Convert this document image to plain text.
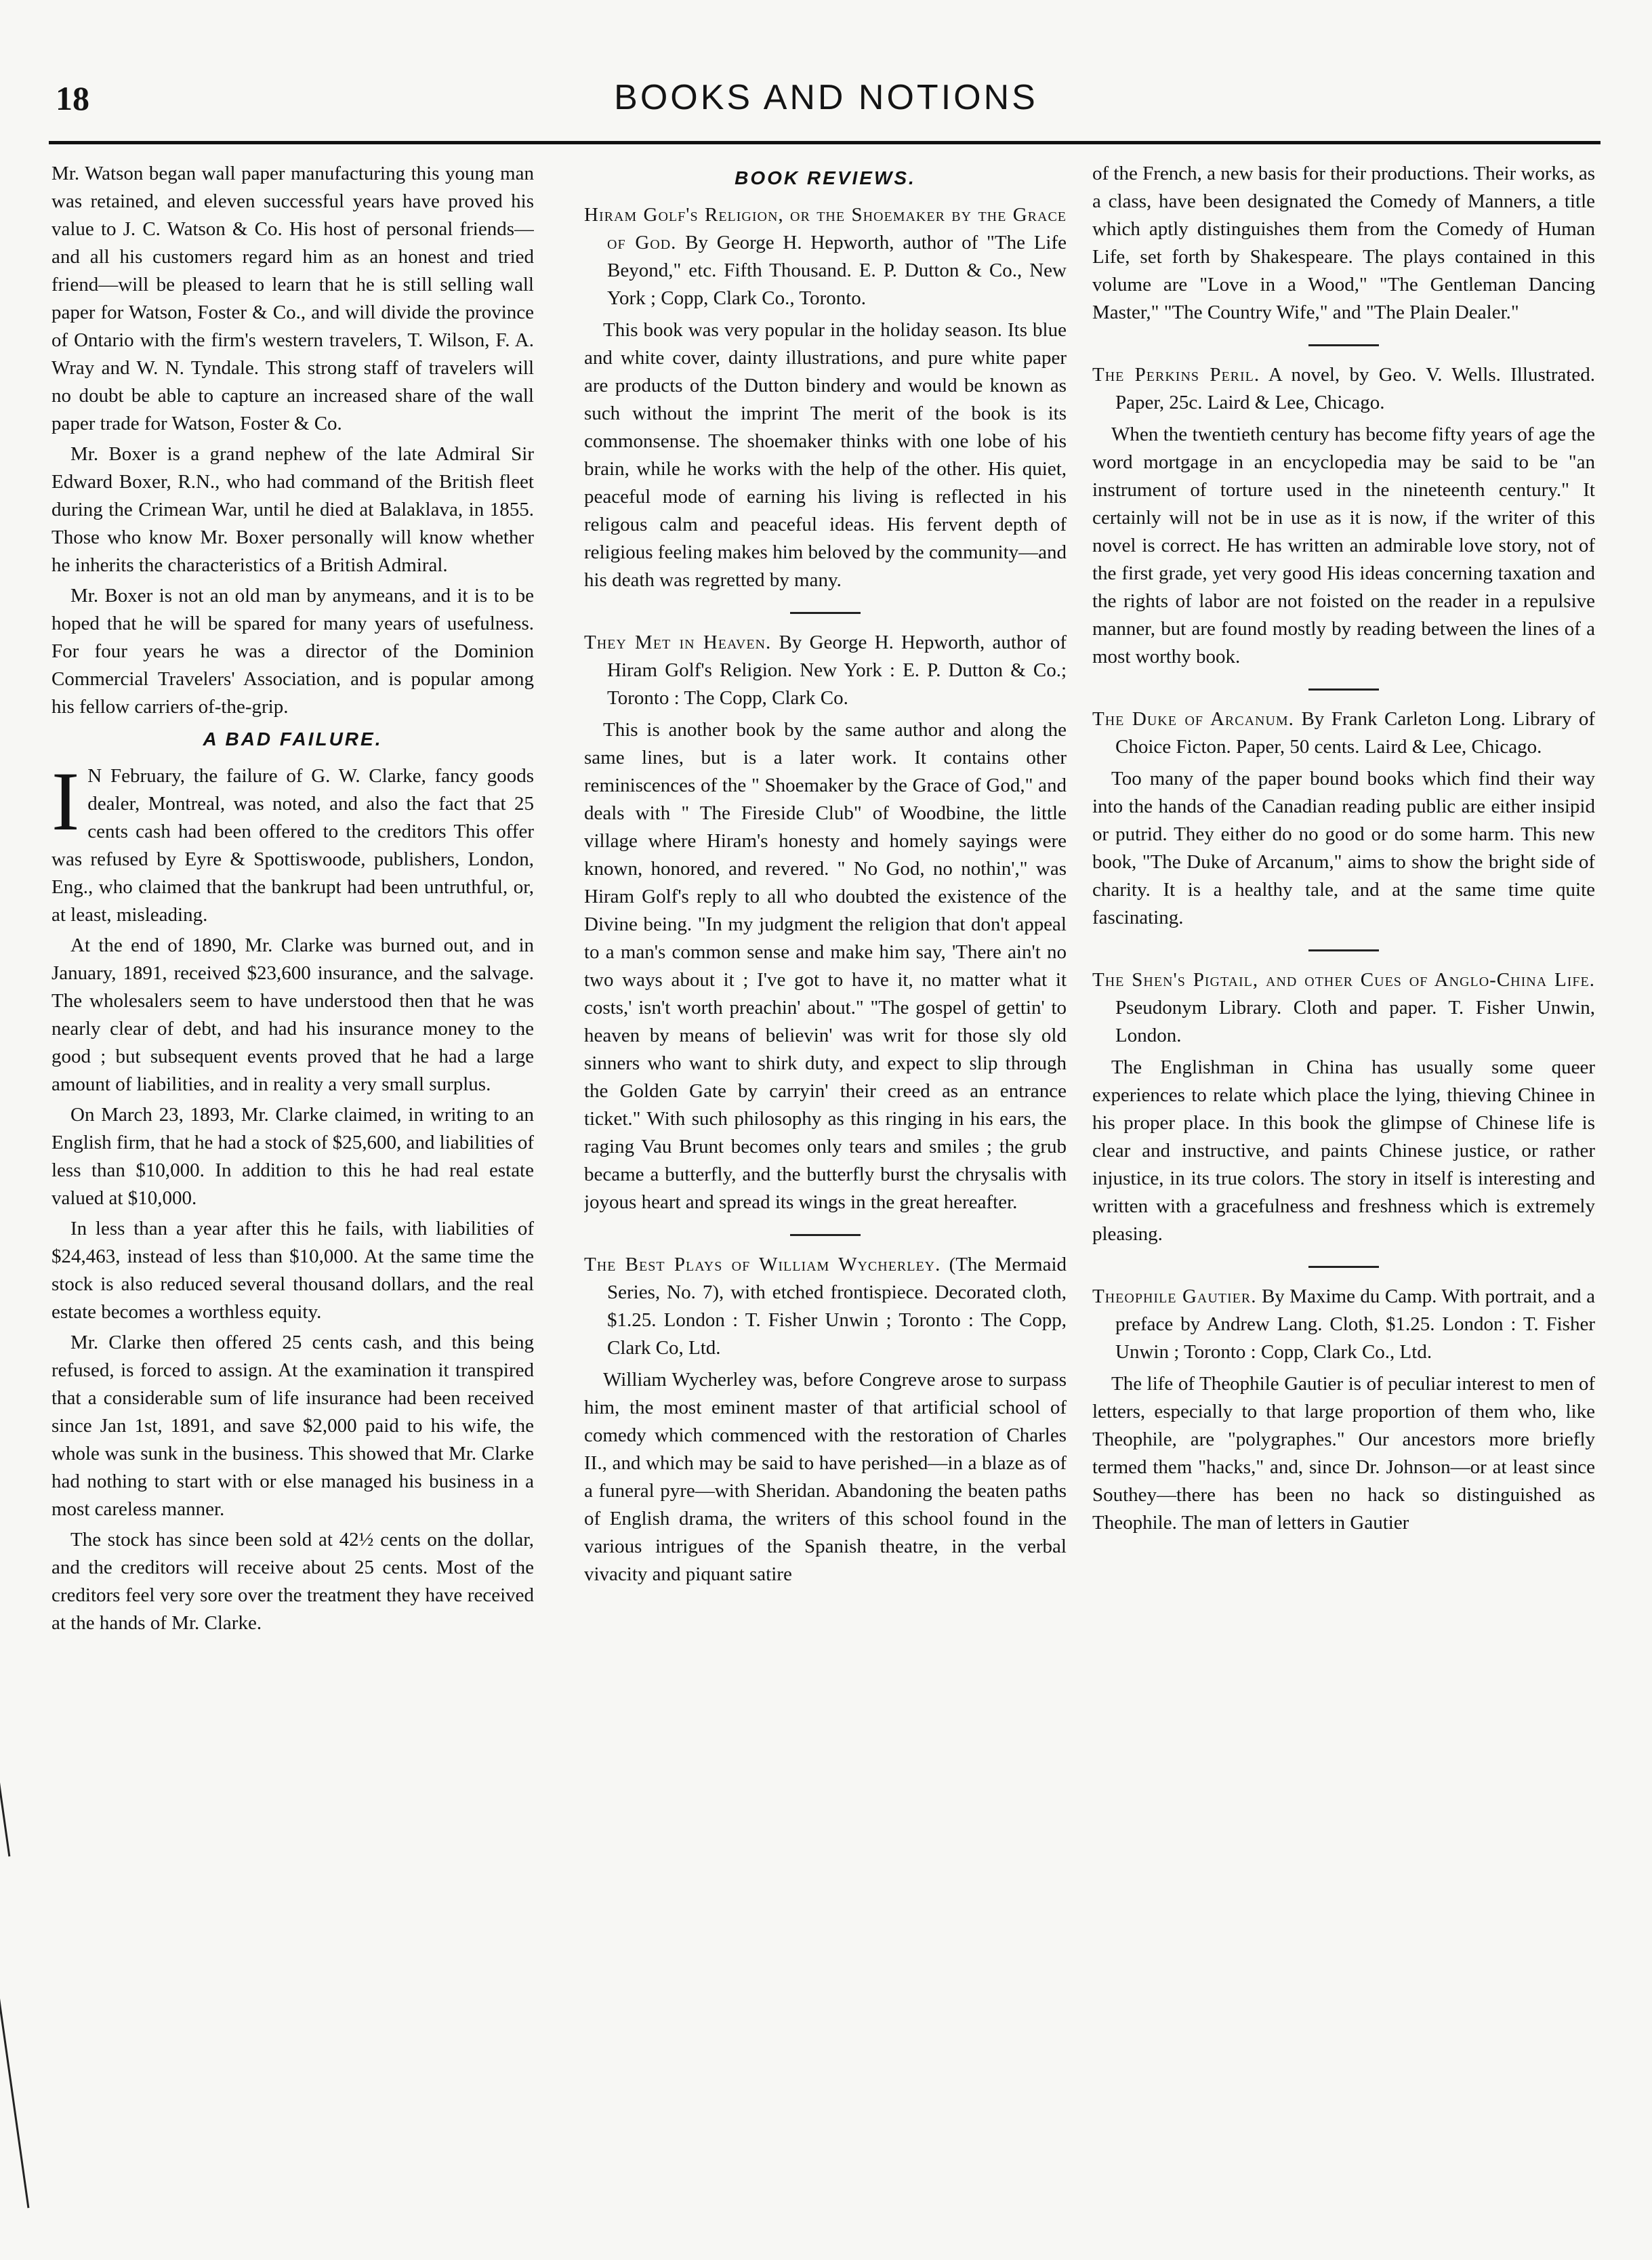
18	BOOKS AND NOTIONS

Mr. Watson began wall paper manufacturing this young man was retained, and eleven successful years have proved his value to J. C. Watson & Co. His host of personal friends—and all his customers regard him as an honest and tried friend—will be pleased to learn that he is still selling wall paper for Watson, Foster & Co., and will divide the province of Ontario with the firm's western travelers, T. Wilson, F. A. Wray and W. N. Tyndale. This strong staff of travelers will no doubt be able to capture an increased share of the wall paper trade for Watson, Foster & Co.

Mr. Boxer is a grand nephew of the late Admiral Sir Edward Boxer, R.N., who had command of the British fleet during the Crimean War, until he died at Balaklava, in 1855. Those who know Mr. Boxer personally will know whether he inherits the characteristics of a British Admiral.

Mr. Boxer is not an old man by anymeans, and it is to be hoped that he will be spared for many years of usefulness. For four years he was a director of the Dominion Commercial Travelers' Association, and is popular among his fellow carriers of-the-grip.

A BAD FAILURE.

I N February, the failure of G. W. Clarke, fancy goods dealer, Montreal, was noted, and also the fact that 25 cents cash had been offered to the creditors This offer was refused by Eyre & Spottiswoode, publishers, London, Eng., who claimed that the bankrupt had been untruthful, or, at least, misleading.

At the end of 1890, Mr. Clarke was burned out, and in January, 1891, received $23,600 insurance, and the salvage. The wholesalers seem to have understood then that he was nearly clear of debt, and had his insurance money to the good ; but subsequent events proved that he had a large amount of liabilities, and in reality a very small surplus.

On March 23, 1893, Mr. Clarke claimed, in writing to an English firm, that he had a stock of $25,600, and liabilities of less than $10,000. In addition to this he had real estate valued at $10,000.

In less than a year after this he fails, with liabilities of $24,463, instead of less than $10,000. At the same time the stock is also reduced several thousand dollars, and the real estate becomes a worthless equity.

Mr. Clarke then offered 25 cents cash, and this being refused, is forced to assign. At the examination it transpired that a considerable sum of life insurance had been received since Jan 1st, 1891, and save $2,000 paid to his wife, the whole was sunk in the business. This showed that Mr. Clarke had nothing to start with or else managed his business in a most careless manner.

The stock has since been sold at 42½ cents on the dollar, and the creditors will receive about 25 cents. Most of the creditors feel very sore over the treatment they have received at the hands of Mr. Clarke.

BOOK REVIEWS.
Hiram Golf's Religion, or the Shoemaker by the Grace of God. By George H. Hepworth, author of "The Life Beyond," etc. Fifth Thousand. E. P. Dutton & Co., New York ; Copp, Clark Co., Toronto.

This book was very popular in the holiday season. Its blue and white cover, dainty illustrations, and pure white paper are products of the Dutton bindery and would be known as such without the imprint The merit of the book is its commonsense. The shoemaker thinks with one lobe of his brain, while he works with the help of the other. His quiet, peaceful mode of earning his living is reflected in his religous calm and peaceful ideas. His fervent depth of religious feeling makes him beloved by the community—and his death was regretted by many.

They Met in Heaven. By George H. Hepworth, author of Hiram Golf's Religion. New York : E. P. Dutton & Co.; Toronto : The Copp, Clark Co.

This is another book by the same author and along the same lines, but is a later work. It contains other reminiscences of the " Shoemaker by the Grace of God," and deals with " The Fireside Club" of Woodbine, the little village where Hiram's honesty and homely sayings were known, honored, and revered. " No God, no nothin'," was Hiram Golf's reply to all who doubted the existence of the Divine being. "In my judgment the religion that don't appeal to a man's common sense and make him say, 'There ain't no two ways about it ; I've got to have it, no matter what it costs,' isn't worth preachin' about." "The gospel of gettin' to heaven by means of believin' was writ for those sly old sinners who want to shirk duty, and expect to slip through the Golden Gate by carryin' their creed as an entrance ticket." With such philosophy as this ringing in his ears, the raging Vau Brunt becomes only tears and smiles ; the grub became a butterfly, and the butterfly burst the chrysalis with joyous heart and spread its wings in the great hereafter.

The Best Plays of William Wycherley. (The Mermaid Series, No. 7), with etched frontispiece. Decorated cloth, $1.25. London : T. Fisher Unwin ; Toronto : The Copp, Clark Co, Ltd.

William Wycherley was, before Congreve arose to surpass him, the most eminent master of that artificial school of comedy which commenced with the restoration of Charles II., and which may be said to have perished—in a blaze as of a funeral pyre—with Sheridan. Abandoning the beaten paths of English drama, the writers of this school found in the various intrigues of the Spanish theatre, in the verbal vivacity and piquant satire

of the French, a new basis for their productions. Their works, as a class, have been designated the Comedy of Manners, a title which aptly distinguishes them from the Comedy of Human Life, set forth by Shakespeare. The plays contained in this volume are "Love in a Wood," "The Gentleman Dancing Master," "The Country Wife," and "The Plain Dealer."

The Perkins Peril. A novel, by Geo. V. Wells. Illustrated. Paper, 25c. Laird & Lee, Chicago.

When the twentieth century has become fifty years of age the word mortgage in an encyclopedia may be said to be "an instrument of torture used in the nineteenth century." It certainly will not be in use as it is now, if the writer of this novel is correct. He has written an admirable love story, not of the first grade, yet very good His ideas concerning taxation and the rights of labor are not foisted on the reader in a repulsive manner, but are found mostly by reading between the lines of a most worthy book.

The Duke of Arcanum. By Frank Carleton Long. Library of Choice Ficton. Paper, 50 cents. Laird & Lee, Chicago.

Too many of the paper bound books which find their way into the hands of the Canadian reading public are either insipid or putrid. They either do no good or do some harm. This new book, "The Duke of Arcanum," aims to show the bright side of charity. It is a healthy tale, and at the same time quite fascinating.

The Shen's Pigtail, and other Cues of Anglo-China Life. Pseudonym Library. Cloth and paper. T. Fisher Unwin, London.

The Englishman in China has usually some queer experiences to relate which place the lying, thieving Chinee in his proper place. In this book the glimpse of Chinese life is clear and instructive, and paints Chinese justice, or rather injustice, in its true colors. The story in itself is interesting and written with a gracefulness and freshness which is extremely pleasing.

Theophile Gautier. By Maxime du Camp. With portrait, and a preface by Andrew Lang. Cloth, $1.25. London : T. Fisher Unwin ; Toronto : Copp, Clark Co., Ltd.

The life of Theophile Gautier is of peculiar interest to men of letters, especially to that large proportion of them who, like Theophile, are "polygraphes." Our ancestors more briefly termed them "hacks," and, since Dr. Johnson—or at least since Southey—there has been no hack so distinguished as Theophile. The man of letters in Gautier
